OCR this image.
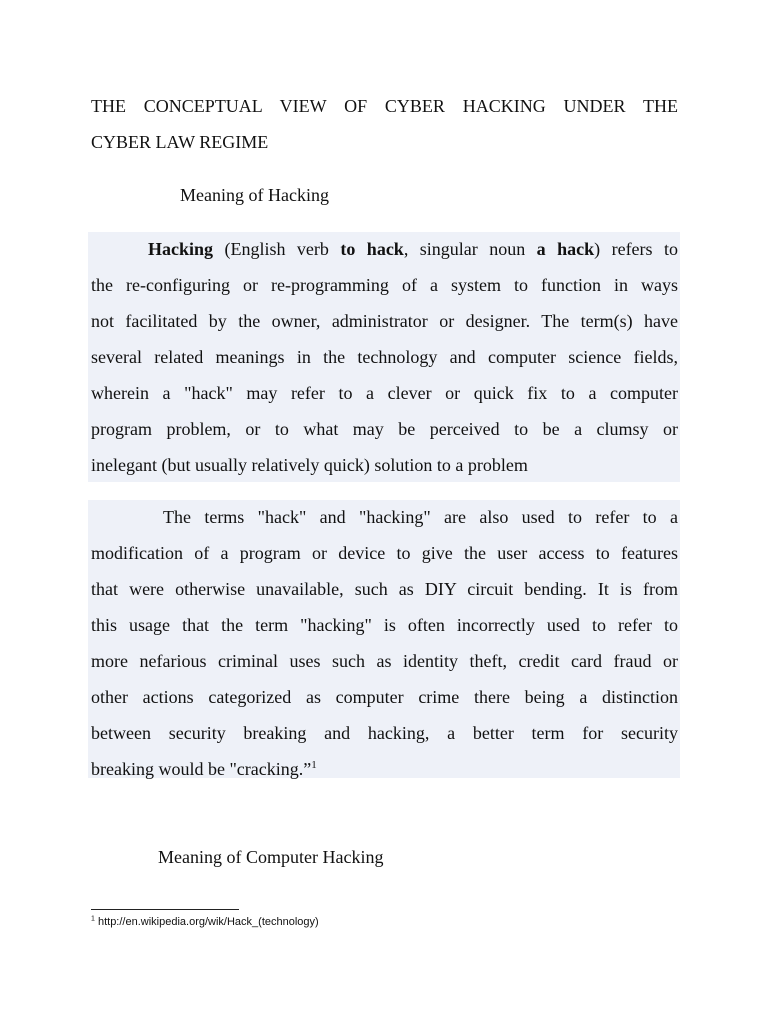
THE CONCEPTUAL VIEW OF CYBER HACKING UNDER THE
CYBER LAW REGIME
Meaning of Hacking
Hacking (English verb to hack, singular noun a hack) refers to
the re-configuring or re-programming of a system to function in ways
not facilitated by the owner, administrator or designer. The term(s) have
several related meanings in the technology and computer science fields,
wherein a "hack" may refer to a clever or quick fix to a computer
program problem, or to what may be perceived to be a clumsy or
inelegant (but usually relatively quick) solution to a problem
The terms "hack" and "hacking" are also used to refer to a
modification of a program or device to give the user access to features
that were otherwise unavailable, such as DIY circuit bending. It is from
this usage that the term "hacking" is often incorrectly used to refer to
more nefarious criminal uses such as identity theft, credit card fraud or
other actions categorized as computer crime there being a distinction
between security breaking and hacking, a better term for security
breaking would be "cracking.”$^1$
Meaning of Computer Hacking
$^1$ http://en.wikipedia.org/wik/Hack_(technology)
